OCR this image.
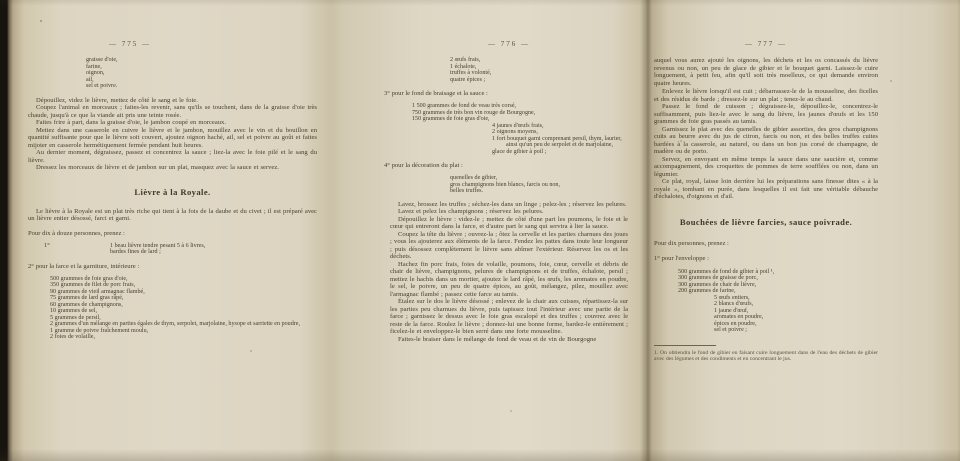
— 775 —
graisse d'oie,
farine,
oignon,
ail,
sel et poivre.

Dépouillez, videz le lièvre, mettez de côté le sang et le foie.

Coupez l'animal en morceaux ; faites-les revenir, sans qu'ils se touchent, dans de la graisse d'oie très chaude, jusqu'à ce que la viande ait pris une teinte rosée.

Faites frire à part, dans la graisse d'oie, le jambon coupé en morceaux.

Mettez dans une casserole en cuivre le lièvre et le jambon, mouillez avec le vin et du bouillon en quantité suffisante pour que le lièvre soit couvert, ajoutez oignon haché, ail, sel et poivre au goût et faites mijoter en casserole hermétiquement fermée pendant huit heures.

Au dernier moment, dégraissez, passez et concentrez la sauce ; liez-la avec le foie pilé et le sang du lièvre.

Dressez les morceaux de lièvre et de jambon sur un plat, masquez avec la sauce et servez.

Lièvre à la Royale.

Le lièvre à la Royale est un plat très riche qui tient à la fois de la daube et du civet ; il est préparé avec un lièvre entier désossé, farci et garni.

Pour dix à douze personnes, prenez :

1°	1 beau lièvre tendre pesant 5 à 6 livres,
bardes fines de lard ;

2° pour la farce et la garniture, intérieure :

500 grammes de foie gras d'oie,
350 grammes de filet de porc frais,
90 grammes de vieil armagnac flambé,
75 grammes de lard gras râpé,
60 grammes de champignons,
10 grammes de sel,
5 grammes de persil,
2 grammes d'un mélange en parties égales de thym, serpolet, marjolaine, hysope et sarriette en poudre,
1 gramme de poivre fraîchement moulu,
2 foies de volaille,
— 776 —
2 œufs frais,
1 échalote,
truffes à volonté,
quatre épices ;

3° pour le fond de braisage et la sauce :

1 500 grammes de fond de veau très corsé,
750 grammes de très bon vin rouge de Bourgogne,
150 grammes de foie gras d'oie,
4 jaunes d'œufs frais,
2 oignons moyens,
1 fort bouquet garni comprenant persil, thym, laurier, ainsi qu'un peu de serpolet et de marjolaine,
glace de gibier à poil ;

4° pour la décoration du plat :

quenelles de gibier,
gros champignons bien blancs, farcis ou non,
belles truffes.

Lavez, brossez les truffes ; séchez-les dans un linge ; pelez-les ; réservez les pelures.

Lavez et pelez les champignons ; réservez les pelures.

Dépouillez le lièvre : videz-le ; mettez de côté d'une part les poumons, le foie et le cœur qui entreront dans la farce, et d'autre part le sang qui servira à lier la sauce.

Coupez la tête du lièvre ; ouvrez-la ; ôtez la cervelle et les parties charnues des joues ; vous les ajouterez aux éléments de la farce. Fendez les pattes dans toute leur longueur ; puis désossez complètement le lièvre sans abîmer l'extérieur. Réservez les os et les déchets.

Hachez fin porc frais, foies de volaille, poumons, foie, cœur, cervelle et débris de chair de lièvre, champignons, pelures de champignons et de truffes, échalote, persil ; mettez le hachis dans un mortier, ajoutez le lard râpé, les œufs, les aromates en poudre, le sel, le poivre, un peu de quatre épices, au goût, mélangez, pilez, mouillez avec l'armagnac flambé ; passez cette farce au tamis.

Étalez sur le dos le lièvre désossé ; enlevez de la chair aux cuisses, répartissez-la sur les parties peu charnues du lièvre, puis tapissez tout l'intérieur avec une partie de la farce ; garnissez le dessus avec le foie gras escalopé et des truffes ; couvrez avec le reste de la farce. Roulez le lièvre ; donnez-lui une bonne forme, bardez-le entièrement ; ficelez-le et enveloppez-le bien serré dans une forte mousseline.

Faites-le braiser dans le mélange de fond de veau et de vin de Bourgogne

— 777 —

auquel vous aurez ajouté les oignons, les déchets et les os concassés du lièvre revenus ou non, un peu de glace de gibier et le bouquet garni. Laissez-le cuire longuement, à petit feu, afin qu'il soit très moelleux, ce qui demande environ quatre heures.

Enlevez le lièvre lorsqu'il est cuit ; débarrassez-le de la mousseline, des ficelles et des résidus de barde ; dressez-le sur un plat ; tenez-le au chaud.

Passez le fond de cuisson ; dégraissez-le, dépouillez-le, concentrez-le suffisamment, puis liez-le avec le sang du lièvre, les jaunes d'œufs et les 150 grammes de foie gras passés au tamis.

Garnissez le plat avec des quenelles de gibier assorties, des gros champignons cuits au beurre avec du jus de citron, farcis ou non, et des belles truffes cuites bardées à la casserole, au naturel, ou dans un bon jus corsé de champagne, de madère ou de porto.

Servez, en envoyant en même temps la sauce dans une saucière et, comme accompagnement, des croquettes de pommes de terre soufflées ou non, dans un légumier.

Ce plat, royal, laisse loin derrière lui les préparations sans finesse dites « à la royale », tombant en purée, dans lesquelles il est fait une véritable débauche d'échalotes, d'oignons et d'ail.

Bouchées de lièvre farcies, sauce poivrade.

Pour dix personnes, prenez :

1° pour l'enveloppe :

500 grammes de fond de gibier à poil ¹,
300 grammes de graisse de porc,
300 grammes de chair de lièvre,
200 grammes de farine,
5 œufs entiers,
2 blancs d'œufs,
1 jaune d'œuf,
aromates en poudre,
épices en poudre,
sel et poivre ;

1. On obtiendra le fond de gibier en faisant cuire longuement dans de l'eau des déchets de gibier avec des légumes et des condiments et en concentrant le jus.
